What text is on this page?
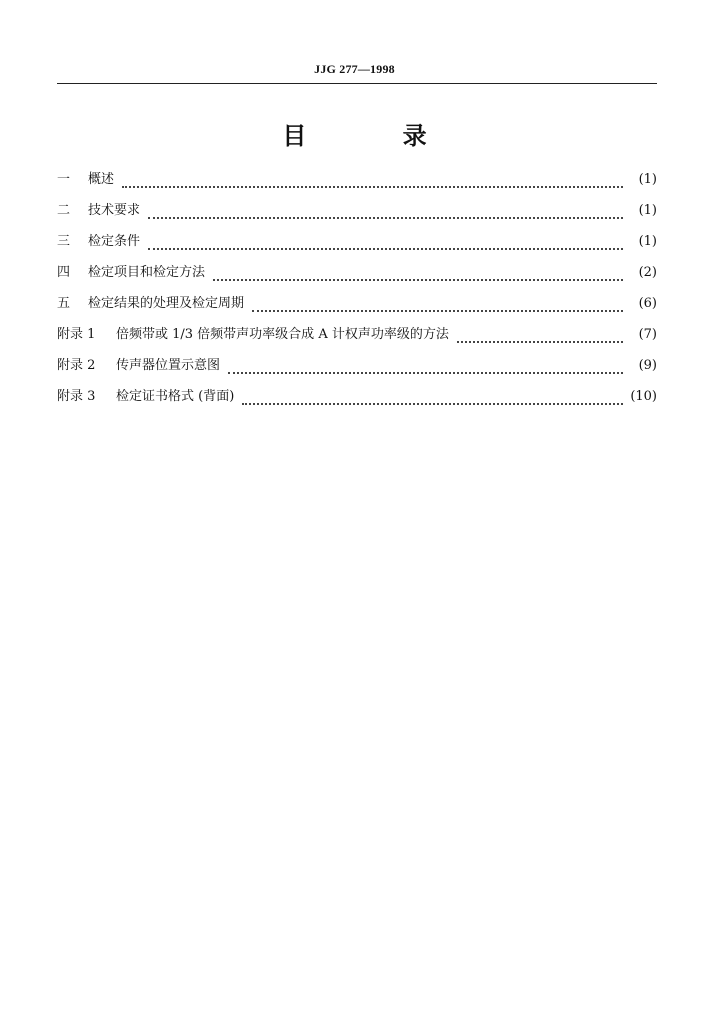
JJG 277—1998
目 录
一	概述	(1)
二	技术要求	(1)
三	检定条件	(1)
四	检定项目和检定方法	(2)
五	检定结果的处理及检定周期	(6)
附录 1	倍频带或 1/3 倍频带声功率级合成 A 计权声功率级的方法	(7)
附录 2	传声器位置示意图	(9)
附录 3	检定证书格式 (背面)	(10)
